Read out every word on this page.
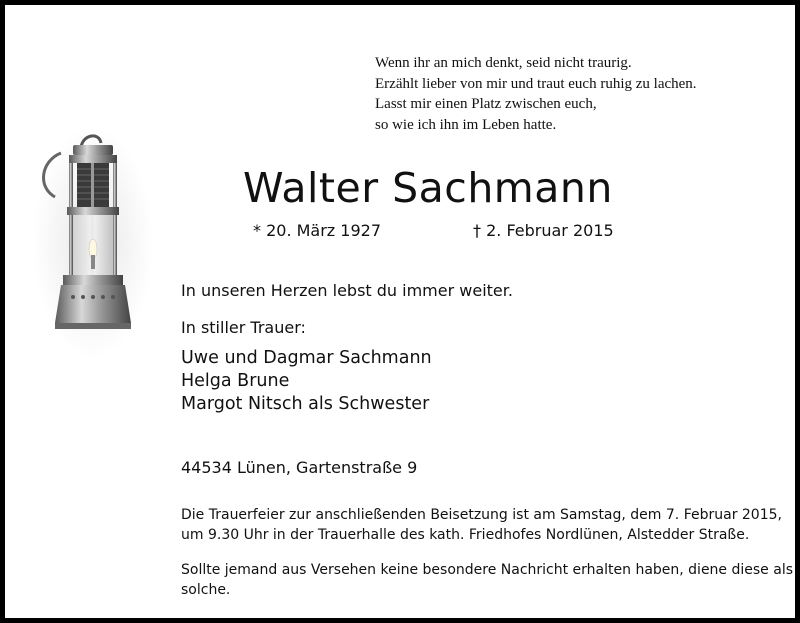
Wenn ihr an mich denkt, seid nicht traurig.
Erzählt lieber von mir und traut euch ruhig zu lachen.
Lasst mir einen Platz zwischen euch,
so wie ich ihn im Leben hatte.
Walter Sachmann
* 20. März 1927	† 2. Februar 2015
In unseren Herzen lebst du immer weiter.
In stiller Trauer:
Uwe und Dagmar Sachmann
Helga Brune
Margot Nitsch als Schwester
44534 Lünen, Gartenstraße 9
Die Trauerfeier zur anschließenden Beisetzung ist am Samstag, dem 7. Februar 2015,
um 9.30 Uhr in der Trauerhalle des kath. Friedhofes Nordlünen, Alstedder Straße.
Sollte jemand aus Versehen keine besondere Nachricht erhalten haben, diene diese als
solche.
